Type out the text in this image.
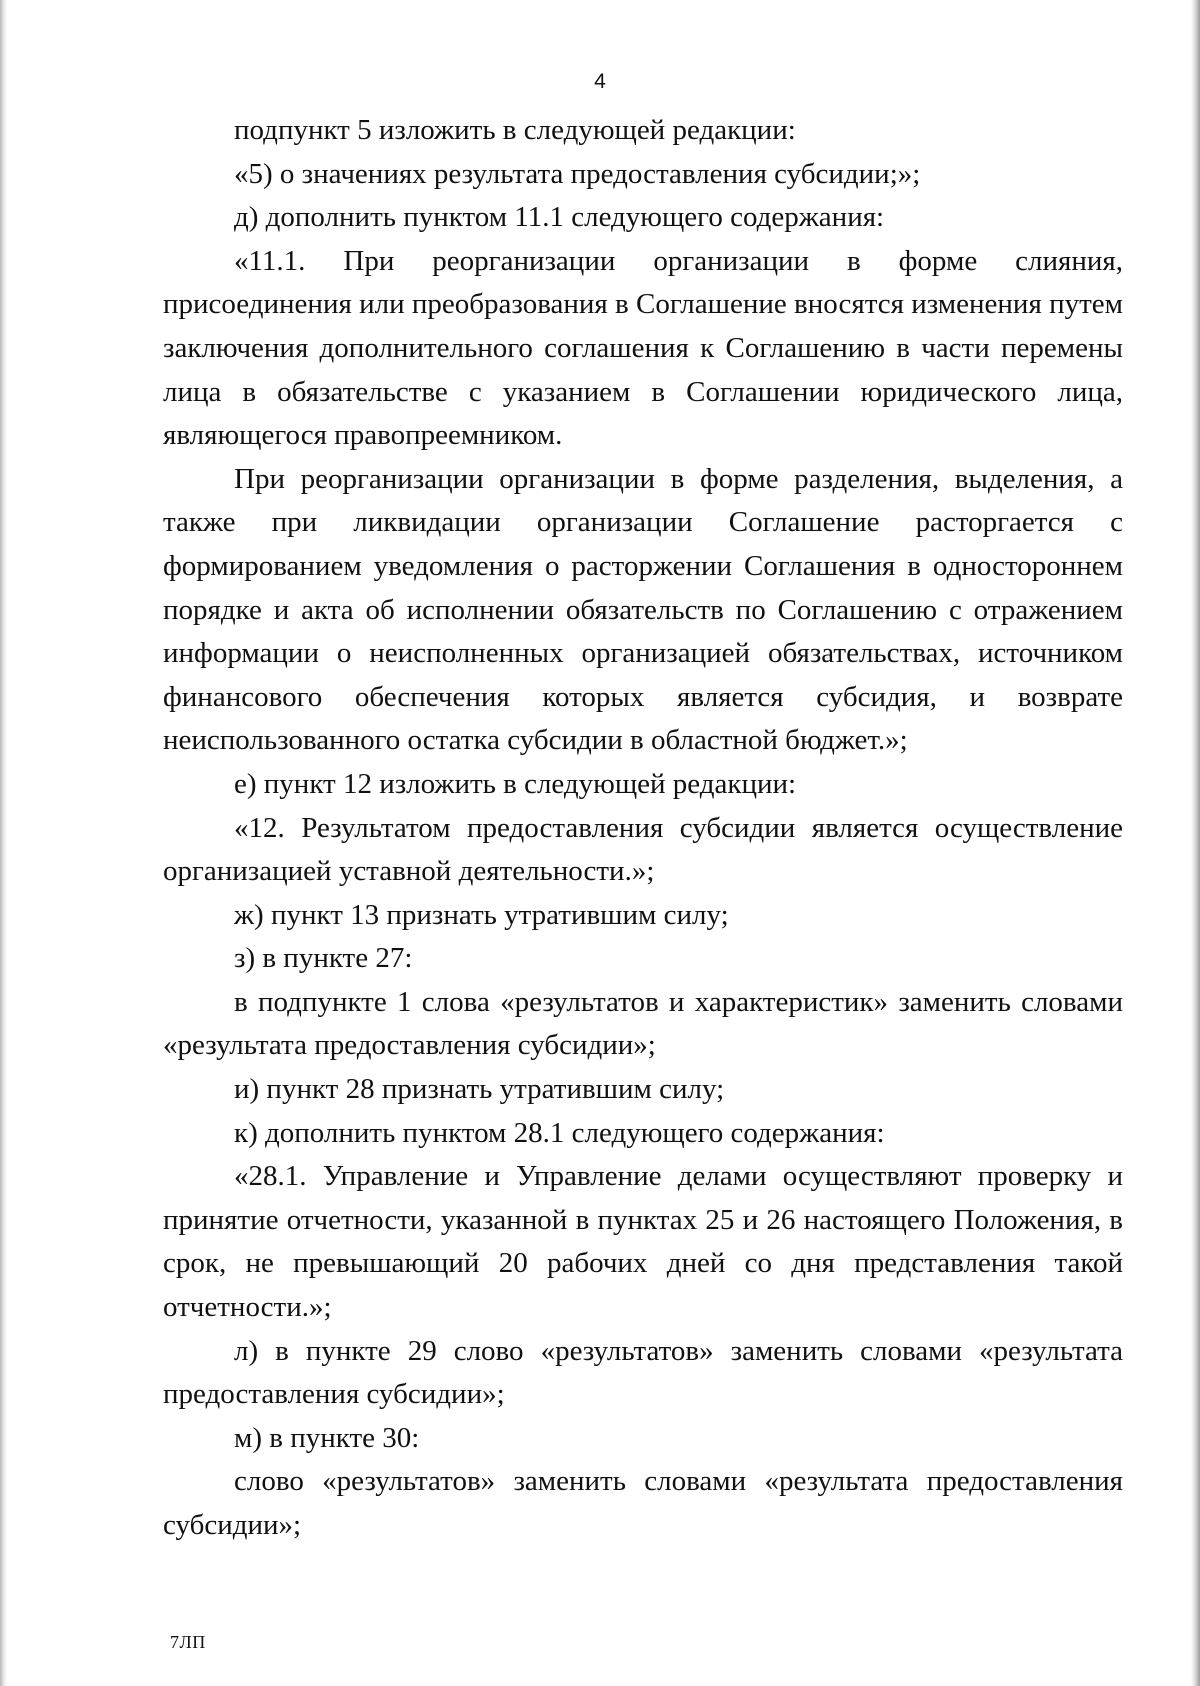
4

подпункт 5 изложить в следующей редакции:

«5) о значениях результата предоставления субсидии;»;

д) дополнить пунктом 11.1 следующего содержания:

«11.1. При реорганизации организации в форме слияния, присоединения или преобразования в Соглашение вносятся изменения путем заключения дополнительного соглашения к Соглашению в части перемены лица в обязательстве с указанием в Соглашении юридического лица, являющегося правопреемником.

При реорганизации организации в форме разделения, выделения, а также при ликвидации организации Соглашение расторгается с формированием уведомления о расторжении Соглашения в одностороннем порядке и акта об исполнении обязательств по Соглашению с отражением информации о неисполненных организацией обязательствах, источником финансового обеспечения которых является субсидия, и возврате неиспользованного остатка субсидии в областной бюджет.»;

е) пункт 12 изложить в следующей редакции:

«12. Результатом предоставления субсидии является осуществление организацией уставной деятельности.»;

ж) пункт 13 признать утратившим силу;

з) в пункте 27:

в подпункте 1 слова «результатов и характеристик» заменить словами «результата предоставления субсидии»;

и) пункт 28 признать утратившим силу;

к) дополнить пунктом 28.1 следующего содержания:

«28.1. Управление и Управление делами осуществляют проверку и принятие отчетности, указанной в пунктах 25 и 26 настоящего Положения, в срок, не превышающий 20 рабочих дней со дня представления такой отчетности.»;

л) в пункте 29 слово «результатов» заменить словами «результата предоставления субсидии»;

м) в пункте 30:

слово «результатов» заменить словами «результата предоставления субсидии»;

7ЛП
